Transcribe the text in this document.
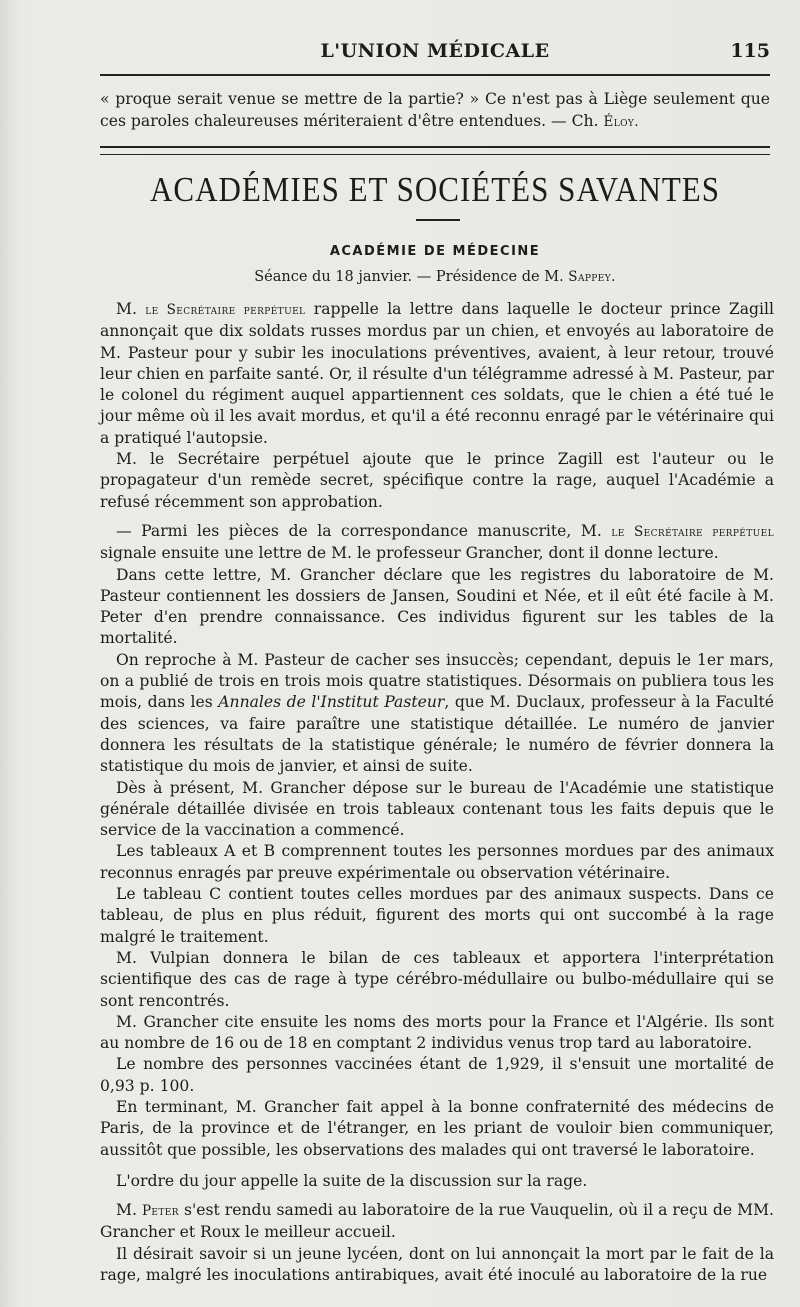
L'UNION MÉDICALE	115
« proque serait venue se mettre de la partie? » Ce n'est pas à Liège seulement que ces paroles chaleureuses mériteraient d'être entendues. — Ch. Éloy.
ACADÉMIES ET SOCIÉTÉS SAVANTES
ACADÉMIE DE MÉDECINE
Séance du 18 janvier. — Présidence de M. Sappey.

M. le Secrétaire perpétuel rappelle la lettre dans laquelle le docteur prince Zagill annonçait que dix soldats russes mordus par un chien, et envoyés au laboratoire de M. Pasteur pour y subir les inoculations préventives, avaient, à leur retour, trouvé leur chien en parfaite santé. Or, il résulte d'un télégramme adressé à M. Pasteur, par le colonel du régiment auquel appartiennent ces soldats, que le chien a été tué le jour même où il les avait mordus, et qu'il a été reconnu enragé par le vétérinaire qui a pratiqué l'autopsie.

M. le Secrétaire perpétuel ajoute que le prince Zagill est l'auteur ou le propagateur d'un remède secret, spécifique contre la rage, auquel l'Académie a refusé récemment son approbation.

— Parmi les pièces de la correspondance manuscrite, M. le Secrétaire perpétuel signale ensuite une lettre de M. le professeur Grancher, dont il donne lecture.

Dans cette lettre, M. Grancher déclare que les registres du laboratoire de M. Pasteur contiennent les dossiers de Jansen, Soudini et Née, et il eût été facile à M. Peter d'en prendre connaissance. Ces individus figurent sur les tables de la mortalité.

On reproche à M. Pasteur de cacher ses insuccès; cependant, depuis le 1er mars, on a publié de trois en trois mois quatre statistiques. Désormais on publiera tous les mois, dans les Annales de l'Institut Pasteur, que M. Duclaux, professeur à la Faculté des sciences, va faire paraître une statistique détaillée. Le numéro de janvier donnera les résultats de la statistique générale; le numéro de février donnera la statistique du mois de janvier, et ainsi de suite.

Dès à présent, M. Grancher dépose sur le bureau de l'Académie une statistique générale détaillée divisée en trois tableaux contenant tous les faits depuis que le service de la vaccination a commencé.

Les tableaux A et B comprennent toutes les personnes mordues par des animaux reconnus enragés par preuve expérimentale ou observation vétérinaire.

Le tableau C contient toutes celles mordues par des animaux suspects. Dans ce tableau, de plus en plus réduit, figurent des morts qui ont succombé à la rage malgré le traitement.

M. Vulpian donnera le bilan de ces tableaux et apportera l'interprétation scientifique des cas de rage à type cérébro-médullaire ou bulbo-médullaire qui se sont rencontrés.

M. Grancher cite ensuite les noms des morts pour la France et l'Algérie. Ils sont au nombre de 16 ou de 18 en comptant 2 individus venus trop tard au laboratoire.

Le nombre des personnes vaccinées étant de 1,929, il s'ensuit une mortalité de 0,93 p. 100.

En terminant, M. Grancher fait appel à la bonne confraternité des médecins de Paris, de la province et de l'étranger, en les priant de vouloir bien communiquer, aussitôt que possible, les observations des malades qui ont traversé le laboratoire.

L'ordre du jour appelle la suite de la discussion sur la rage.

M. Peter s'est rendu samedi au laboratoire de la rue Vauquelin, où il a reçu de MM. Grancher et Roux le meilleur accueil.

Il désirait savoir si un jeune lycéen, dont on lui annonçait la mort par le fait de la rage, malgré les inoculations antirabiques, avait été inoculé au laboratoire de la rue
